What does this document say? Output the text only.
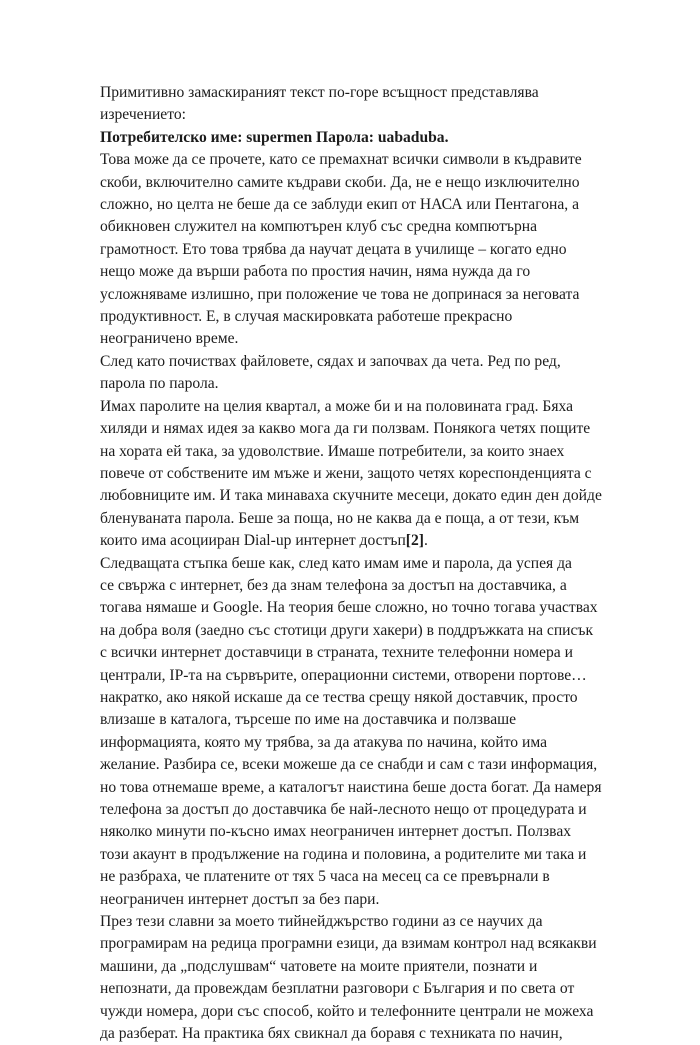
Примитивно замаскираният текст по-горе всъщност представлява
изречението:

Потребителско име: supermen Парола: uabaduba.

Това може да се прочете, като се премахнат всички символи в къдравите
скоби, включително самите къдрави скоби. Да, не е нещо изключително
сложно, но целта не беше да се заблуди екип от НАСА или Пентагона, а
обикновен служител на компютърен клуб със средна компютърна
грамотност. Ето това трябва да научат децата в училище – когато едно
нещо може да върши работа по простия начин, няма нужда да го
усложняваме излишно, при положение че това не допринася за неговата
продуктивност. Е, в случая маскировката работеше прекрасно
неограничено време.

След като почиствах файловете, сядах и започвах да чета. Ред по ред,
парола по парола.

Имах паролите на целия квартал, а може би и на половината град. Бяха
хиляди и нямах идея за какво мога да ги ползвам. Понякога четях пощите
на хората ей така, за удоволствие. Имаше потребители, за които знаех
повече от собствените им мъже и жени, защото четях кореспонденцията с
любовниците им. И така минаваха скучните месеци, докато един ден дойде
бленуваната парола. Беше за поща, но не каква да е поща, а от тези, към
които има асоцииран Dial-up интернет достъп[2].

Следващата стъпка беше как, след като имам име и парола, да успея да
се свържа с интернет, без да знам телефона за достъп на доставчика, а
тогава нямаше и Google. На теория беше сложно, но точно тогава участвах
на добра воля (заедно със стотици други хакери) в поддръжката на списък
с всички интернет доставчици в страната, техните телефонни номера и
централи, IP-та на сървърите, операционни системи, отворени портове…
накратко, ако някой искаше да се тества срещу някой доставчик, просто
влизаше в каталога, търсеше по име на доставчика и ползваше
информацията, която му трябва, за да атакува по начина, който има
желание. Разбира се, всеки можеше да се снабди и сам с тази информация,
но това отнемаше време, а каталогът наистина беше доста богат. Да намеря
телефона за достъп до доставчика бе най-лесното нещо от процедурата и
няколко минути по-късно имах неограничен интернет достъп. Ползвах
този акаунт в продължение на година и половина, а родителите ми така и
не разбраха, че платените от тях 5 часа на месец са се превърнали в
неограничен интернет достъп за без пари.

През тези славни за моето тийнейджърство години аз се научих да
програмирам на редица програмни езици, да взимам контрол над всякакви
машини, да „подслушвам“ чатовете на моите приятели, познати и
непознати, да провеждам безплатни разговори с България и по света от
чужди номера, дори със способ, който и телефонните централи не можеха
да разберат. На практика бях свикнал да боравя с техниката по начин,
